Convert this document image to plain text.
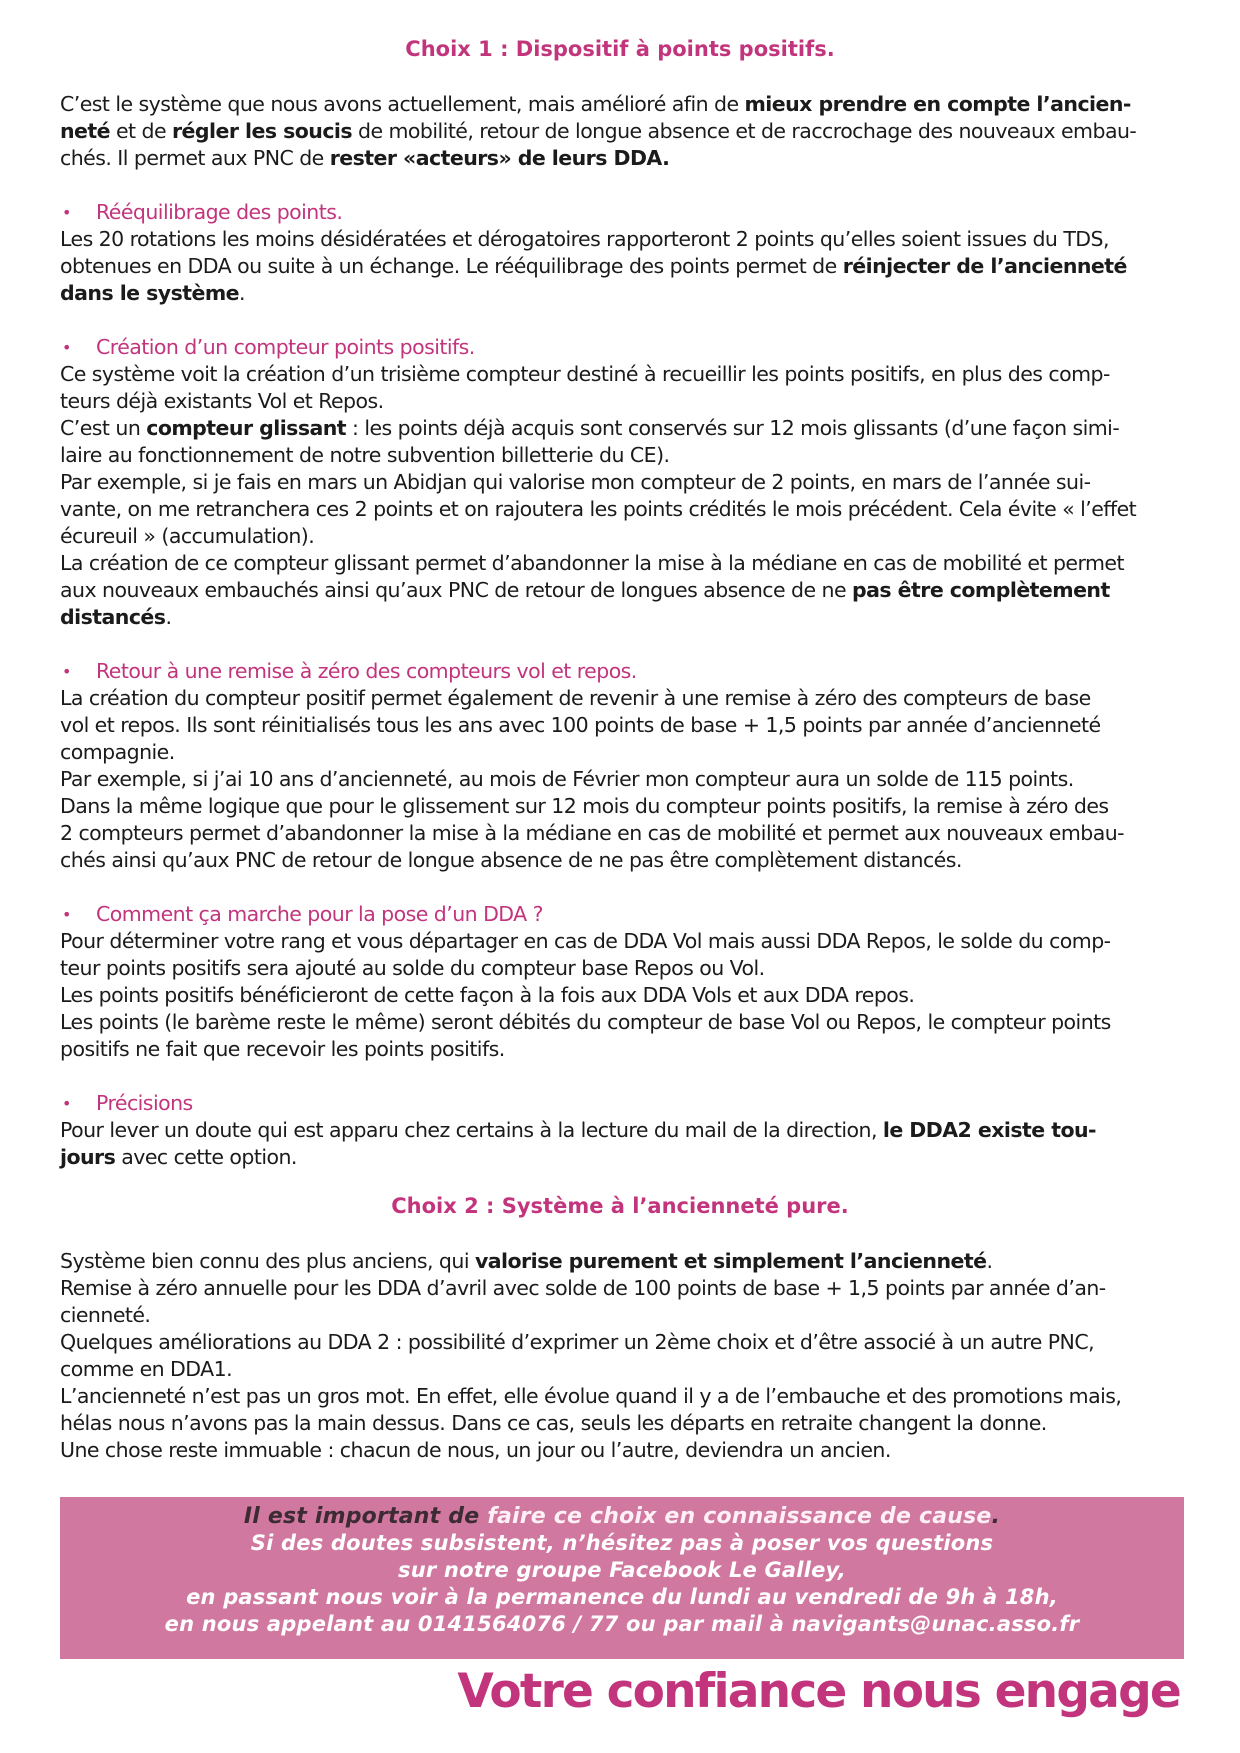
Choix 1 : Dispositif à points positifs.

C’est le système que nous avons actuellement, mais amélioré afin de mieux prendre en compte l’ancien-
neté et de régler les soucis de mobilité, retour de longue absence et de raccrochage des nouveaux embau-
chés. Il permet aux PNC de rester «acteurs» de leurs DDA.

• Rééquilibrage des points.

Les 20 rotations les moins désidératées et dérogatoires rapporteront 2 points qu’elles soient issues du TDS,
obtenues en DDA ou suite à un échange. Le rééquilibrage des points permet de réinjecter de l’ancienneté
dans le système.

• Création d’un compteur points positifs.

Ce système voit la création d’un trisième compteur destiné à recueillir les points positifs, en plus des comp-
teurs déjà existants Vol et Repos.

C’est un compteur glissant : les points déjà acquis sont conservés sur 12 mois glissants (d’une façon simi-
laire au fonctionnement de notre subvention billetterie du CE).

Par exemple, si je fais en mars un Abidjan qui valorise mon compteur de 2 points, en mars de l’année sui-
vante, on me retranchera ces 2 points et on rajoutera les points crédités le mois précédent. Cela évite « l’effet
écureuil » (accumulation).

La création de ce compteur glissant permet d’abandonner la mise à la médiane en cas de mobilité et permet
aux nouveaux embauchés ainsi qu’aux PNC de retour de longues absence de ne pas être complètement
distancés.

• Retour à une remise à zéro des compteurs vol et repos.

La création du compteur positif permet également de revenir à une remise à zéro des compteurs de base
vol et repos. Ils sont réinitialisés tous les ans avec 100 points de base + 1,5 points par année d’ancienneté
compagnie.

Par exemple, si j’ai 10 ans d’ancienneté, au mois de Février mon compteur aura un solde de 115 points.

Dans la même logique que pour le glissement sur 12 mois du compteur points positifs, la remise à zéro des
2 compteurs permet d’abandonner la mise à la médiane en cas de mobilité et permet aux nouveaux embau-
chés ainsi qu’aux PNC de retour de longue absence de ne pas être complètement distancés.

• Comment ça marche pour la pose d’un DDA ?

Pour déterminer votre rang et vous départager en cas de DDA Vol mais aussi DDA Repos, le solde du comp-
teur points positifs sera ajouté au solde du compteur base Repos ou Vol.

Les points positifs bénéficieront de cette façon à la fois aux DDA Vols et aux DDA repos.

Les points (le barème reste le même) seront débités du compteur de base Vol ou Repos, le compteur points
positifs ne fait que recevoir les points positifs.

• Précisions

Pour lever un doute qui est apparu chez certains à la lecture du mail de la direction, le DDA2 existe tou-
jours avec cette option.

Choix 2 : Système à l’ancienneté pure.

Système bien connu des plus anciens, qui valorise purement et simplement l’ancienneté.

Remise à zéro annuelle pour les DDA d’avril avec solde de 100 points de base + 1,5 points par année d’an-
cienneté.

Quelques améliorations au DDA 2 : possibilité d’exprimer un 2ème choix et d’être associé à un autre PNC,
comme en DDA1.

L’ancienneté n’est pas un gros mot. En effet, elle évolue quand il y a de l’embauche et des promotions mais,
hélas nous n’avons pas la main dessus. Dans ce cas, seuls les départs en retraite changent la donne.

Une chose reste immuable : chacun de nous, un jour ou l’autre, deviendra un ancien.

Il est important de faire ce choix en connaissance de cause.
Si des doutes subsistent, n’hésitez pas à poser vos questions
sur notre groupe Facebook Le Galley,
en passant nous voir à la permanence du lundi au vendredi de 9h à 18h,
en nous appelant au 0141564076 / 77 ou par mail à navigants@unac.asso.fr
Votre confiance nous engage
